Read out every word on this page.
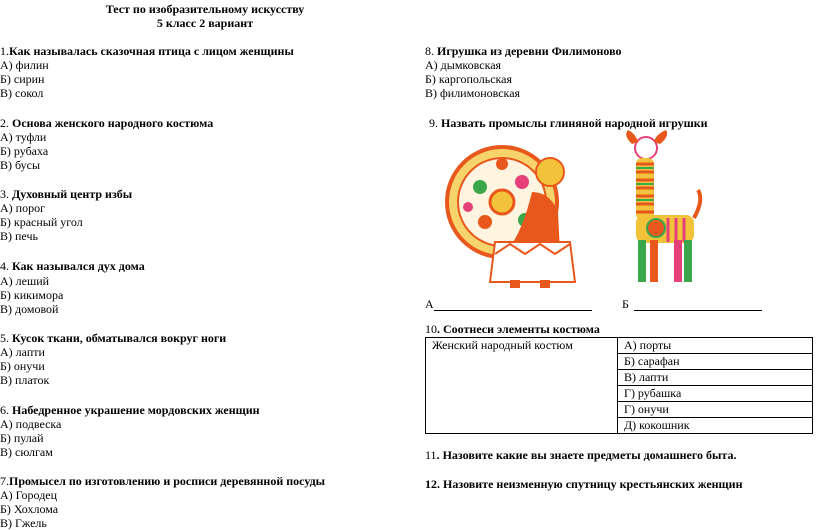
Тест по изобразительному искусству
5 класс 2 вариант
1.Как называлась сказочная птица с лицом женщины
А) филин
Б) сирин
В) сокол
2. Основа женского народного костюма
А) туфли
Б) рубаха
В) бусы
3. Духовный центр избы
А) порог
Б) красный угол
В) печь
4. Как назывался дух дома
А) леший
Б) кикимора
В) домовой
5. Кусок ткани, обматывался вокруг ноги
А) лапти
Б) онучи
В) платок
6. Набедренное украшение мордовских женщин
А) подвеска
Б) пулай
В) сюлгам
7.Промысел по изготовлению и росписи деревянной посуды
А) Городец
Б) Хохлома
В) Гжель
8. Игрушка из деревни Филимоново
А) дымковская
Б) каргопольская
В) филимоновская
9. Назвать промыслы глиняной народной игрушки
А	Б
10. Соотнеси элементы костюма
Женский народный костюм	А) порты
Б) сарафан
В) лапти
Г) рубашка
Г) онучи
Д) кокошник
11. Назовите какие вы знаете предметы домашнего быта.
12. Назовите неизменную спутницу крестьянских женщин
